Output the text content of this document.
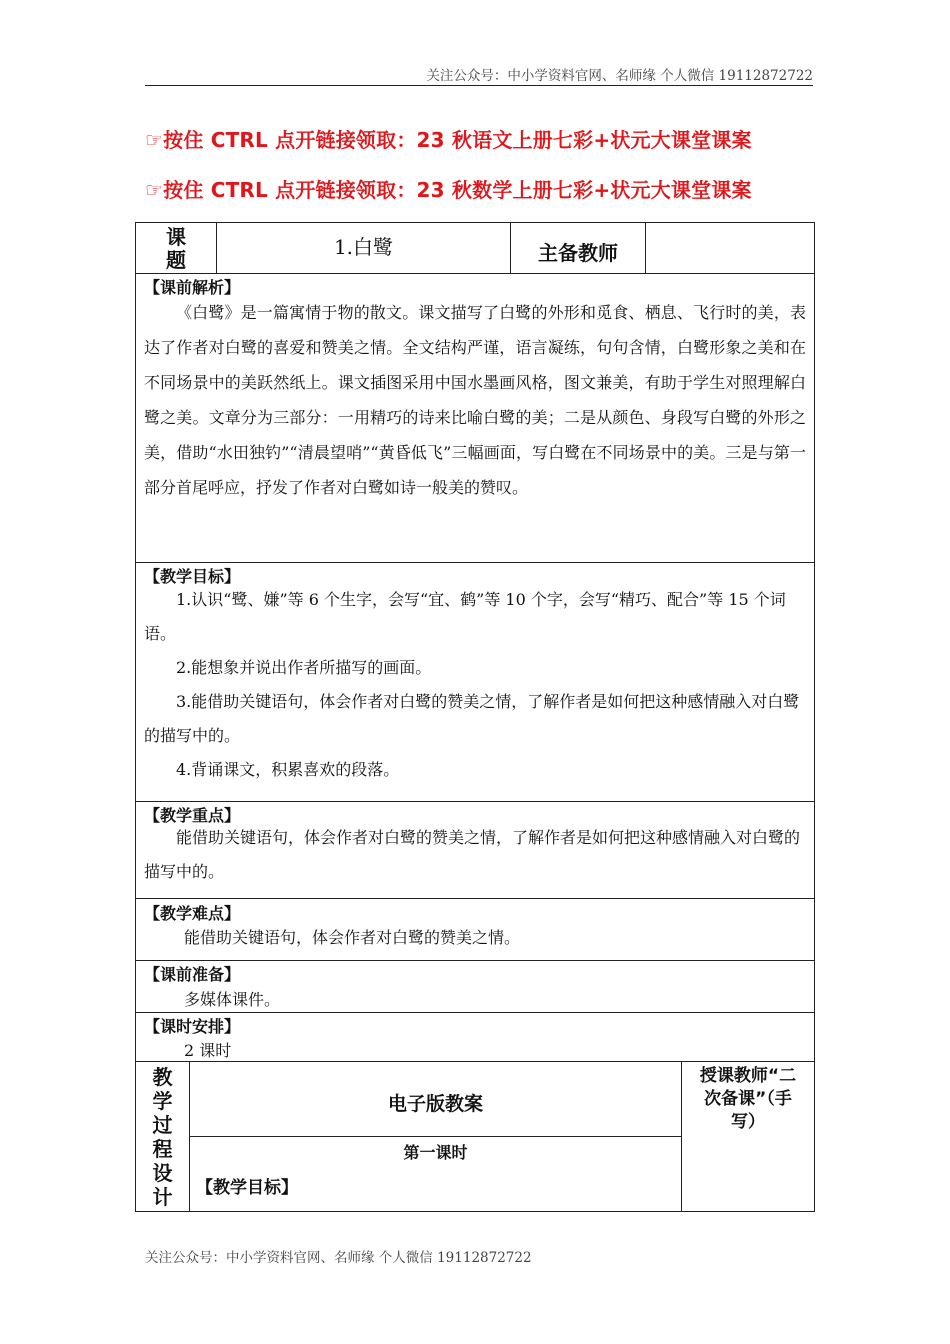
关注公众号：中小学资料官网、名师缘 个人微信 19112872722
☞按住 CTRL 点开链接领取：23 秋语文上册七彩+状元大课堂课案
☞按住 CTRL 点开链接领取：23 秋数学上册七彩+状元大课堂课案
课
题
1.白鹭	主备教师
【课前解析】

《白鹭》是一篇寓情于物的散文。课文描写了白鹭的外形和觅食、栖息、飞行时的美，表达了作者对白鹭的喜爱和赞美之情。全文结构严谨，语言凝练，句句含情，白鹭形象之美和在不同场景中的美跃然纸上。课文插图采用中国水墨画风格，图文兼美，有助于学生对照理解白鹭之美。文章分为三部分：一用精巧的诗来比喻白鹭的美；二是从颜色、身段写白鹭的外形之美，借助“水田独钓”“清晨望哨”“黄昏低飞”三幅画面，写白鹭在不同场景中的美。三是与第一部分首尾呼应，抒发了作者对白鹭如诗一般美的赞叹。

【教学目标】

1.认识“鹭、嫌”等 6 个生字，会写“宜、鹤”等 10 个字，会写“精巧、配合”等 15 个词语。

2.能想象并说出作者所描写的画面。

3.能借助关键语句，体会作者对白鹭的赞美之情，了解作者是如何把这种感情融入对白鹭的描写中的。

4.背诵课文，积累喜欢的段落。

【教学重点】

能借助关键语句，体会作者对白鹭的赞美之情，了解作者是如何把这种感情融入对白鹭的描写中的。

【教学难点】
能借助关键语句，体会作者对白鹭的赞美之情。
【课前准备】
多媒体课件。
【课时安排】
2 课时
教
学
过
程
设
计
电子版教案
授课教师“二
次备课”（手
写）
第一课时
【教学目标】
关注公众号：中小学资料官网、名师缘 个人微信 19112872722
